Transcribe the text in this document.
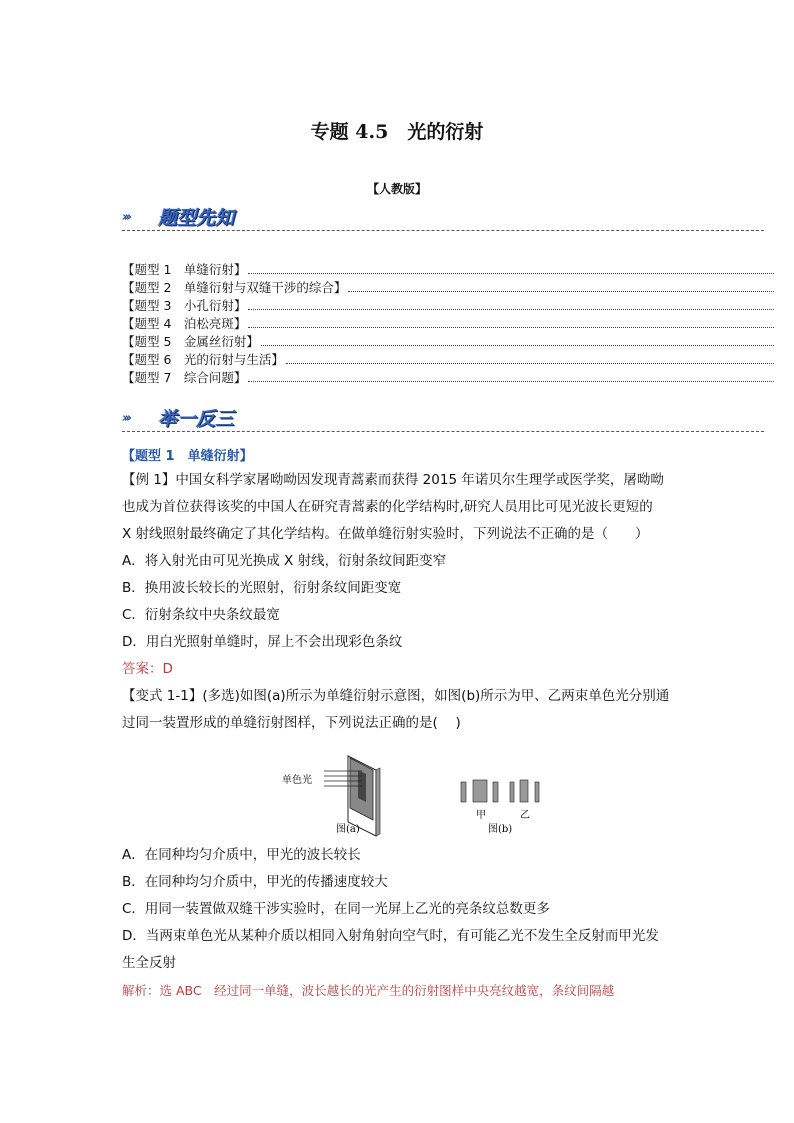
专题 4.5　光的衍射
【人教版】
››› 题型先知
【题型 1　单缝衍射】
【题型 2　单缝衍射与双缝干涉的综合】
【题型 3　小孔衍射】
【题型 4　泊松亮斑】
【题型 5　金属丝衍射】
【题型 6　光的衍射与生活】
【题型 7　综合问题】
››› 举一反三
【题型 1　单缝衍射】
【例 1】中国女科学家屠呦呦因发现青蒿素而获得 2015 年诺贝尔生理学或医学奖，屠呦呦
也成为首位获得该奖的中国人在研究青蒿素的化学结构时,研究人员用比可见光波长更短的
X 射线照射最终确定了其化学结构。在做单缝衍射实验时，下列说法不正确的是（　　）
A．将入射光由可见光换成 X 射线，衍射条纹间距变窄
B．换用波长较长的光照射，衍射条纹间距变宽
C．衍射条纹中央条纹最宽
D．用白光照射单缝时，屏上不会出现彩色条纹
答案：D
【变式 1-1】(多选)如图(a)所示为单缝衍射示意图，如图(b)所示为甲、乙两束单色光分别通
过同一装置形成的单缝衍射图样，下列说法正确的是(　 )
单色光
图(a)
甲	乙
图(b)
A．在同种均匀介质中，甲光的波长较长
B．在同种均匀介质中，甲光的传播速度较大
C．用同一装置做双缝干涉实验时，在同一光屏上乙光的亮条纹总数更多
D．当两束单色光从某种介质以相同入射角射向空气时，有可能乙光不发生全反射而甲光发
生全反射
解析：选 ABC　经过同一单缝，波长越长的光产生的衍射图样中央亮纹越宽，条纹间隔越
